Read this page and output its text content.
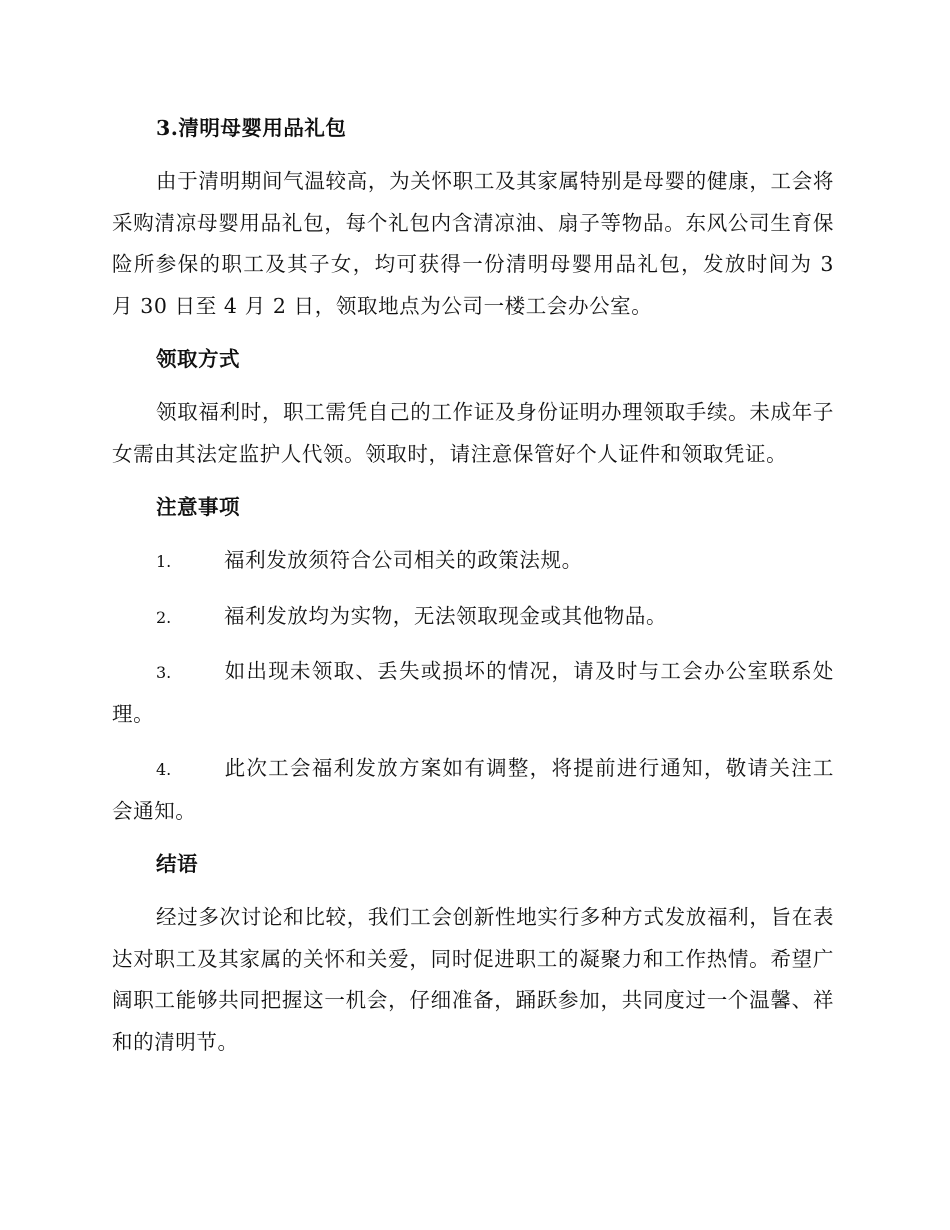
3.清明母婴用品礼包

由于清明期间气温较高，为关怀职工及其家属特别是母婴的健康，工会将采购清凉母婴用品礼包，每个礼包内含清凉油、扇子等物品。东风公司生育保险所参保的职工及其子女，均可获得一份清明母婴用品礼包，发放时间为 3 月 30 日至 4 月 2 日，领取地点为公司一楼工会办公室。

领取方式

领取福利时，职工需凭自己的工作证及身份证明办理领取手续。未成年子女需由其法定监护人代领。领取时，请注意保管好个人证件和领取凭证。

注意事项

1.	福利发放须符合公司相关的政策法规。

2.	福利发放均为实物，无法领取现金或其他物品。

3.	如出现未领取、丢失或损坏的情况，请及时与工会办公室联系处理。

4.	此次工会福利发放方案如有调整，将提前进行通知，敬请关注工会通知。

结语

经过多次讨论和比较，我们工会创新性地实行多种方式发放福利，旨在表达对职工及其家属的关怀和关爱，同时促进职工的凝聚力和工作热情。希望广阔职工能够共同把握这一机会，仔细准备，踊跃参加，共同度过一个温馨、祥和的清明节。
